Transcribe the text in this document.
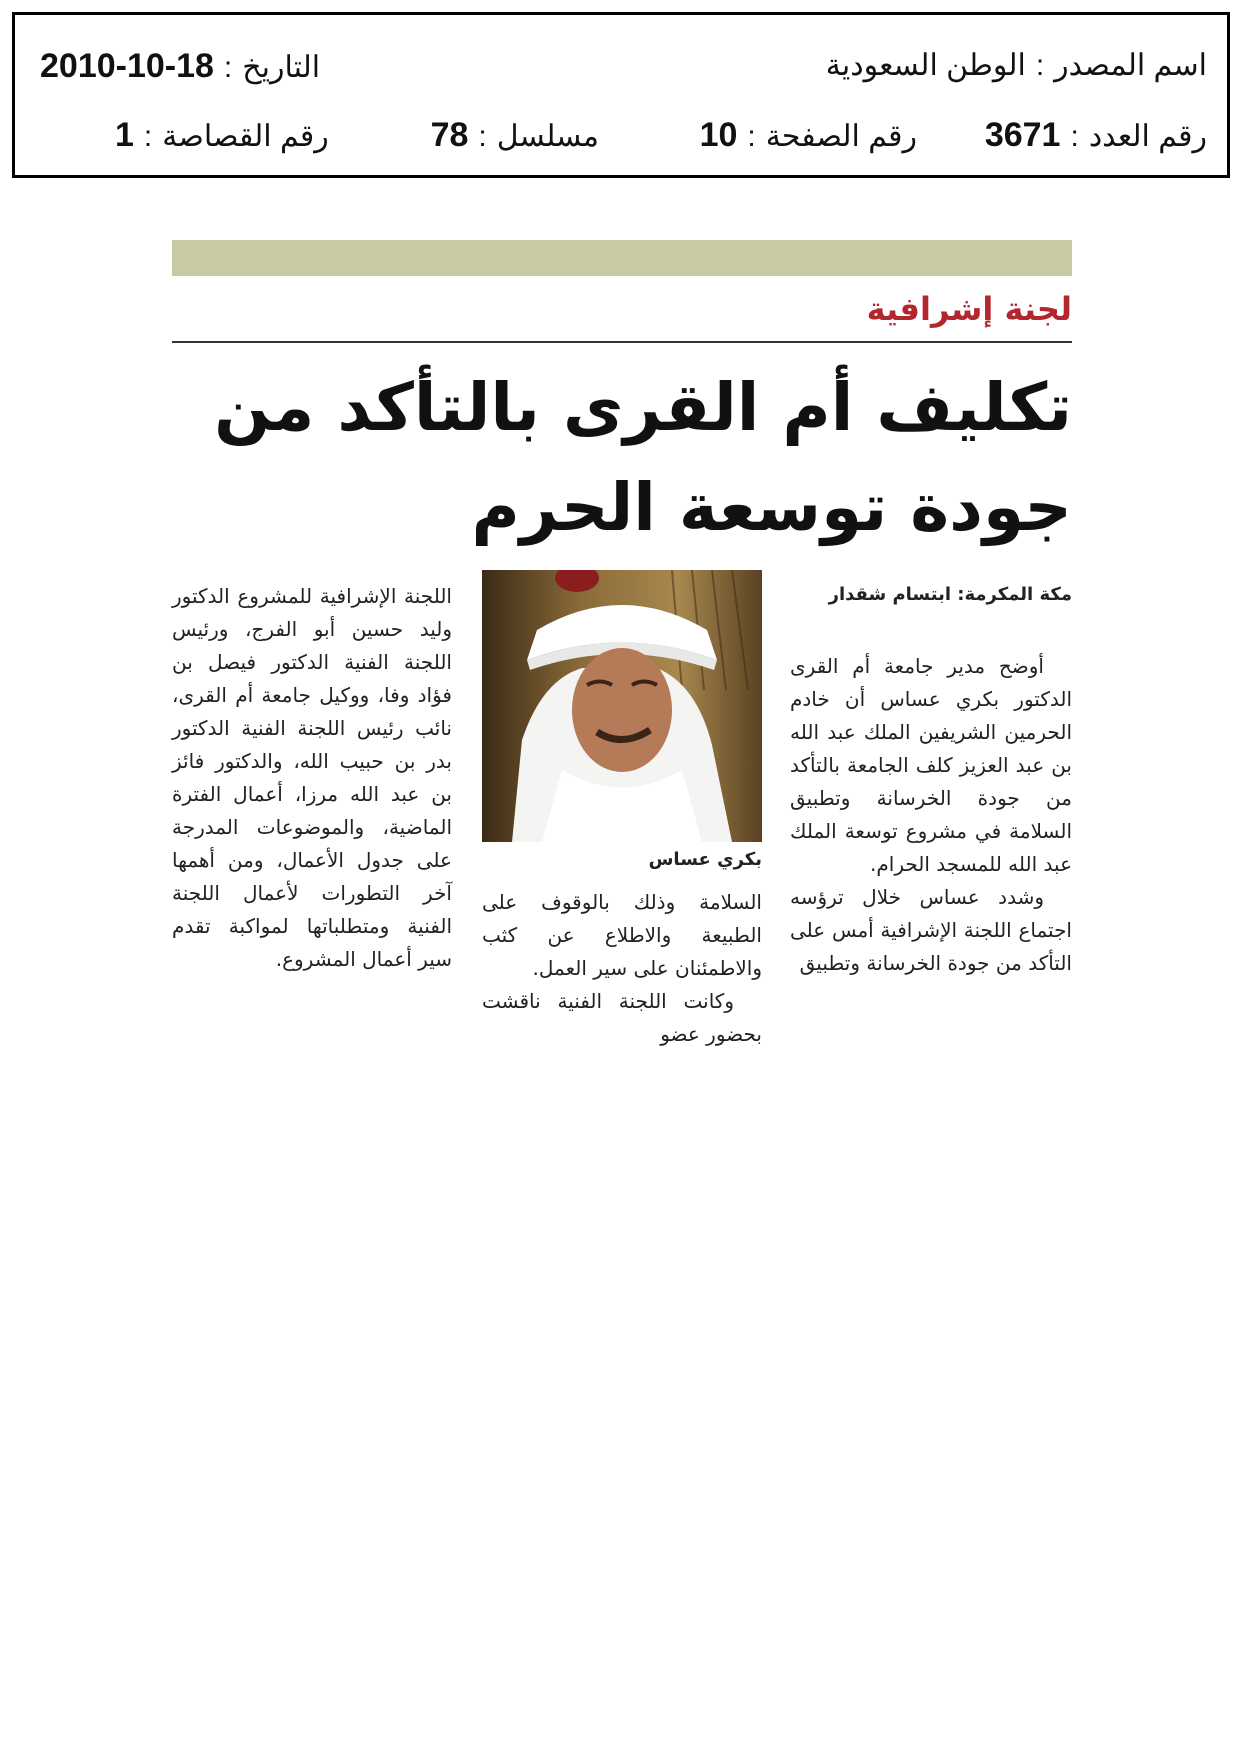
اسم المصدر:الوطن السعودية
التاريخ:2010-10-18
رقم العدد:3671
رقم الصفحة:10
مسلسل:78
رقم القصاصة:1
لجنة إشرافية
تكليف أم القرى بالتأكد من جودة توسعة الحرم

مكة المكرمة: ابتسام شقدار

أوضح مدير جامعة أم القرى الدكتور بكري عساس أن خادم الحرمين الشريفين الملك عبد الله بن عبد العزيز كلف الجامعة بالتأكد من جودة الخرسانة وتطبيق السلامة في مشروع توسعة الملك عبد الله للمسجد الحرام.

وشدد عساس خلال ترؤسه اجتماع اللجنة الإشرافية أمس على التأكد من جودة الخرسانة وتطبيق

بكري عساس

السلامة وذلك بالوقوف على الطبيعة والاطلاع عن كثب والاطمئنان على سير العمل.

وكانت اللجنة الفنية ناقشت بحضور عضو

اللجنة الإشرافية للمشروع الدكتور وليد حسين أبو الفرج، ورئيس اللجنة الفنية الدكتور فيصل بن فؤاد وفا، ووكيل جامعة أم القرى، نائب رئيس اللجنة الفنية الدكتور بدر بن حبيب الله، والدكتور فائز بن عبد الله مرزا، أعمال الفترة الماضية، والموضوعات المدرجة على جدول الأعمال، ومن أهمها آخر التطورات لأعمال اللجنة الفنية ومتطلباتها لمواكبة تقدم سير أعمال المشروع.
